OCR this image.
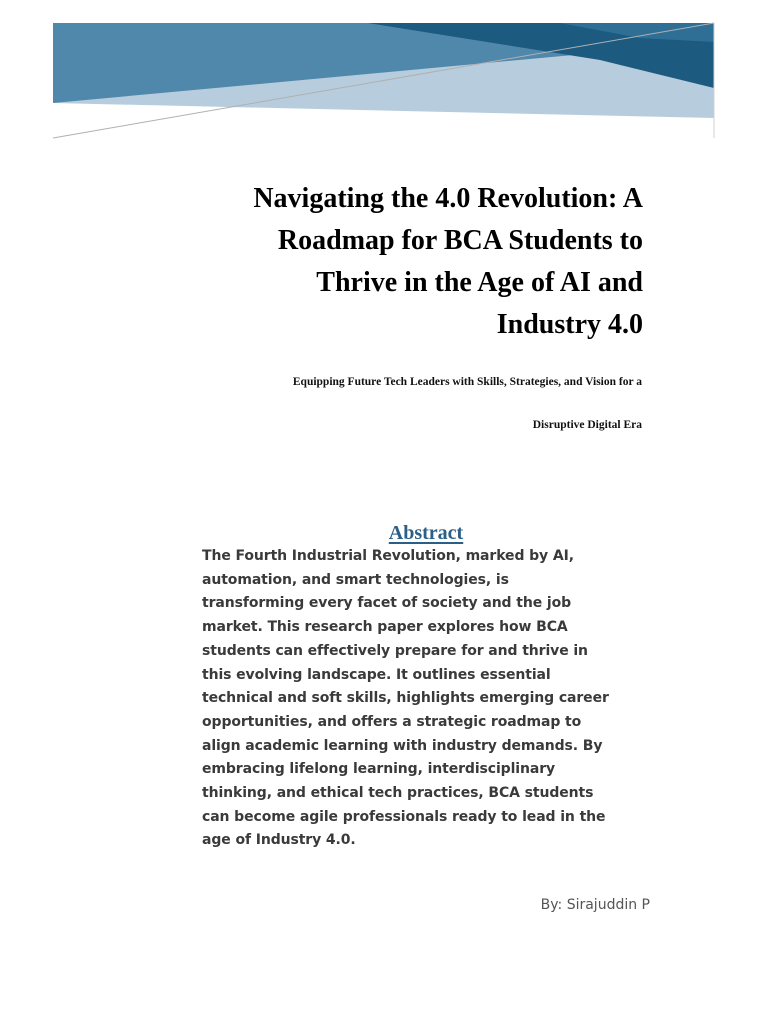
Navigating the 4.0 Revolution: A
Roadmap for BCA Students to
Thrive in the Age of AI and
Industry 4.0
Equipping Future Tech Leaders with Skills, Strategies, and Vision for a
Disruptive Digital Era
Abstract
The Fourth Industrial Revolution, marked by AI,
automation, and smart technologies, is
transforming every facet of society and the job
market. This research paper explores how BCA
students can effectively prepare for and thrive in
this evolving landscape. It outlines essential
technical and soft skills, highlights emerging career
opportunities, and offers a strategic roadmap to
align academic learning with industry demands. By
embracing lifelong learning, interdisciplinary
thinking, and ethical tech practices, BCA students
can become agile professionals ready to lead in the
age of Industry 4.0.

By: Sirajuddin P
